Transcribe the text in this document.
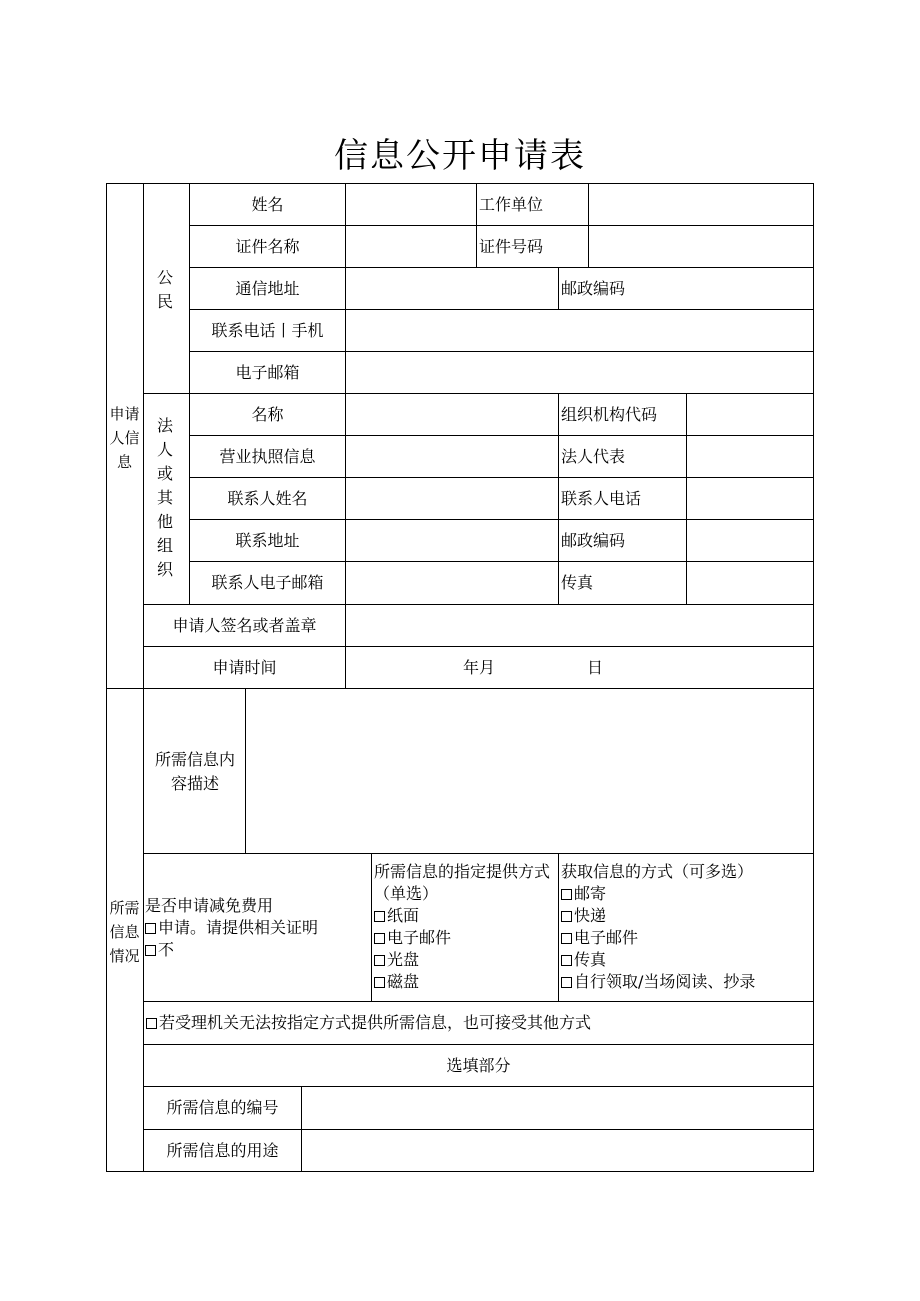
信息公开申请表
申请人信息
所需信息情况
公民
法人或其他组织
姓名	工作单位
证件名称	证件号码
通信地址	邮政编码
联系电话丨手机
电子邮箱
名称	组织机构代码
营业执照信息	法人代表
联系人姓名	联系人电话
联系地址	邮政编码
联系人电子邮箱	传真
申请人签名或者盖章
申请时间	年月	日
所需信息内容描述
是否申请减免费用
申请。请提供相关证明
不
所需信息的指定提供方式（单选）
纸面
电子邮件
光盘
磁盘
获取信息的方式（可多选）
邮寄
快递
电子邮件
传真
自行领取/当场阅读、抄录
若受理机关无法按指定方式提供所需信息，也可接受其他方式
选填部分
所需信息的编号
所需信息的用途
